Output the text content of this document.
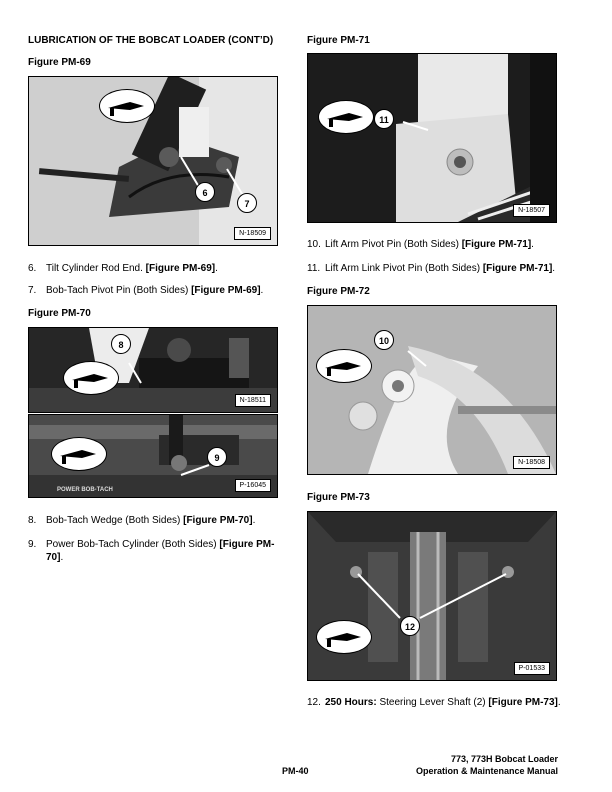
LUBRICATION OF THE BOBCAT LOADER (CONT’D)
Figure PM-69
6
7
N-18509
6. Tilt Cylinder Rod End. [Figure PM-69].
7. Bob-Tach Pivot Pin (Both Sides) [Figure PM-69].
Figure PM-70
8
N-18511
9
POWER BOB-TACH
P-16045
8. Bob-Tach Wedge (Both Sides) [Figure PM-70].
9. Power Bob-Tach Cylinder (Both Sides) [Figure PM-
70].
Figure PM-71
11
N-18507
10. Lift Arm Pivot Pin (Both Sides) [Figure PM-71].
11. Lift Arm Link Pivot Pin (Both Sides) [Figure PM-71].
Figure PM-72
10
N-18508
Figure PM-73
12
P-01533
12. 250 Hours: Steering Lever Shaft (2) [Figure PM-73].
PM-40
773, 773H Bobcat Loader
Operation & Maintenance Manual
